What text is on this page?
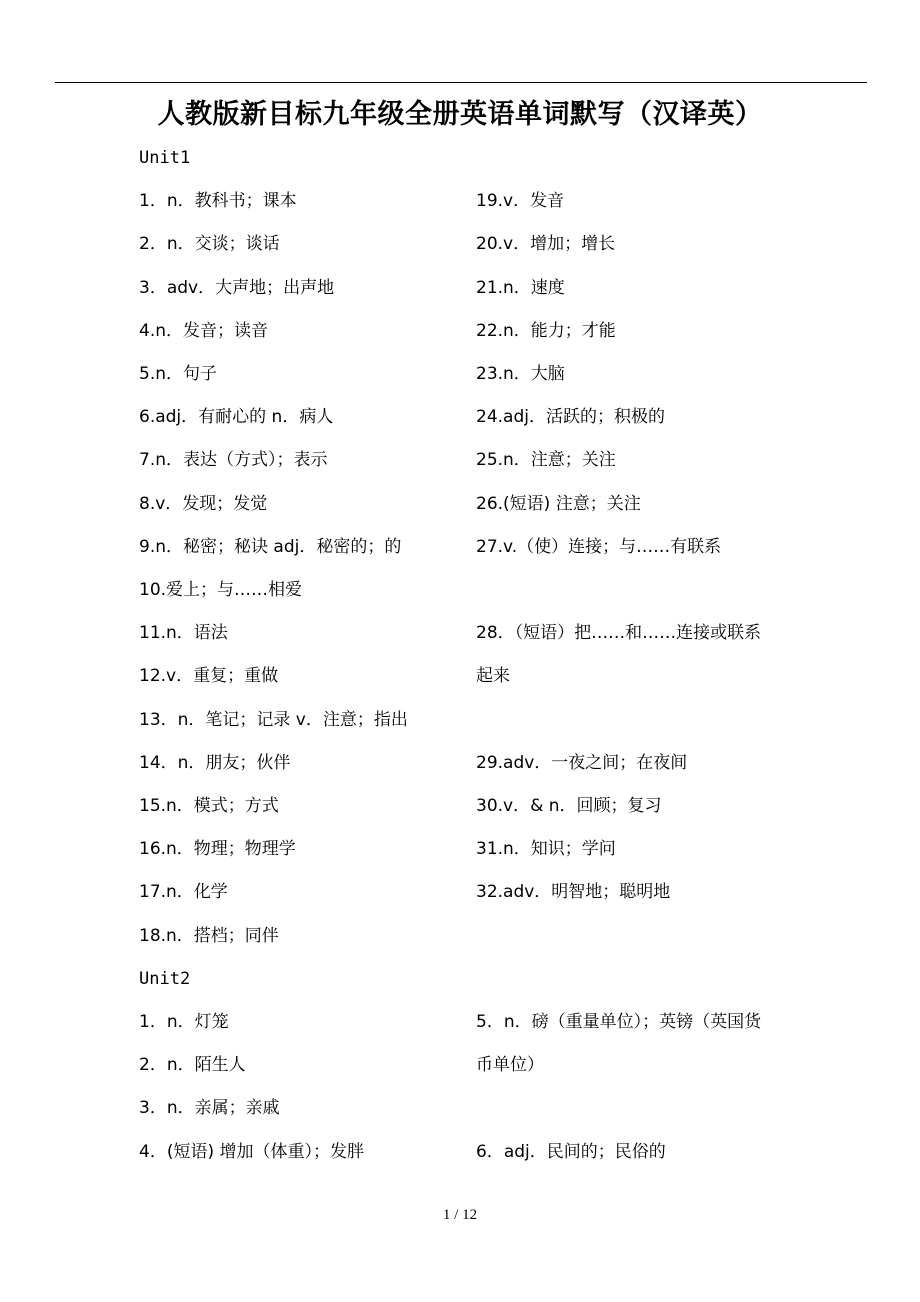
人教版新目标九年级全册英语单词默写（汉译英）
Unit1
1．n．教科书；课本	19.v．发音
2．n．交谈；谈话	20.v．增加；增长
3．adv．大声地；出声地	21.n．速度
4.n．发音；读音	22.n．能力；才能
5.n．句子	23.n．大脑
6.adj．有耐心的 n．病人	24.adj．活跃的；积极的
7.n．表达（方式）；表示	25.n．注意；关注
8.v．发现；发觉	26.(短语) 注意；关注
9.n．秘密；秘诀 adj．秘密的；的	27.v.（使）连接；与……有联系
10.爱上；与……相爱
11.n．语法	28．（短语）把……和……连接或联系
12.v．重复；重做	起来
13．n．笔记；记录 v．注意；指出
14．n．朋友；伙伴	29.adv．一夜之间；在夜间
15.n．模式；方式	30.v．& n．回顾；复习
16.n．物理；物理学	31.n．知识；学问
17.n．化学	32.adv．明智地；聪明地
18.n．搭档；同伴
Unit2
1．n．灯笼	5．n．磅（重量单位）；英镑（英国货
2．n．陌生人	币单位）
3．n．亲属；亲戚
4．(短语) 增加（体重）；发胖	6．adj．民间的；民俗的
1 / 12
